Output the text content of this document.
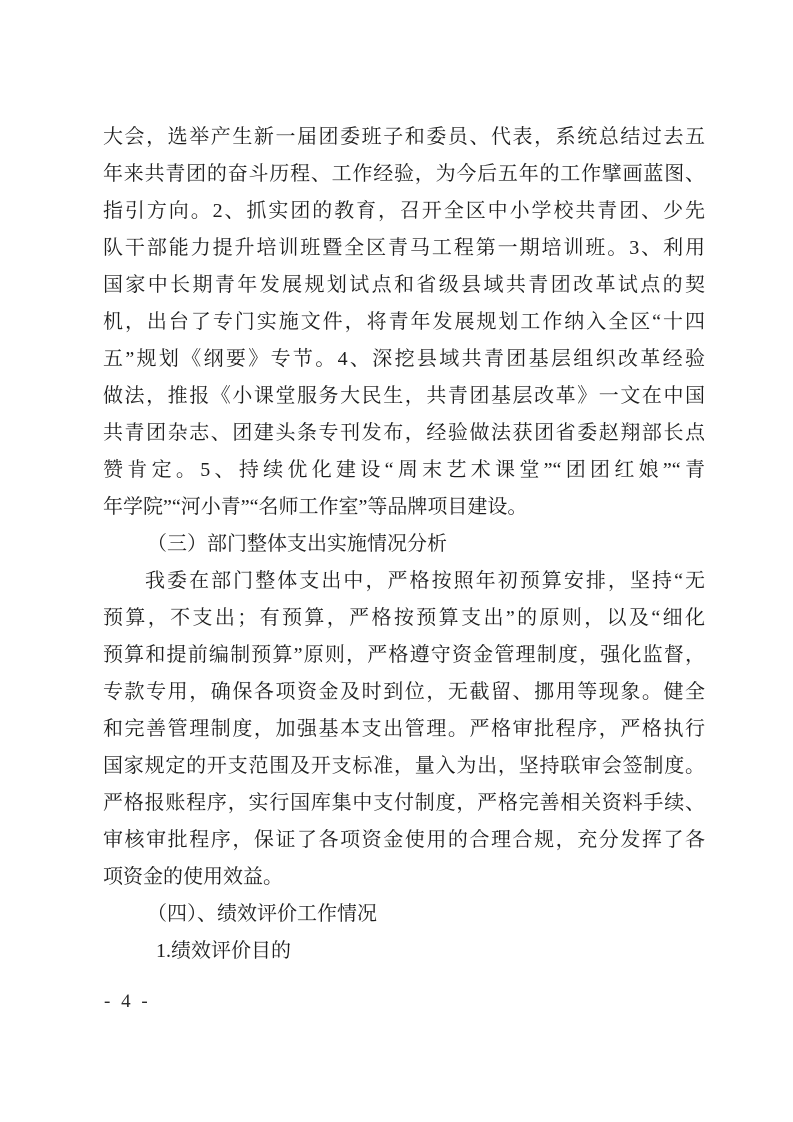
大会，选举产生新一届团委班子和委员、代表，系统总结过去五
年来共青团的奋斗历程、工作经验，为今后五年的工作擘画蓝图、
指引方向。2、抓实团的教育，召开全区中小学校共青团、少先
队干部能力提升培训班暨全区青马工程第一期培训班。3、利用
国家中长期青年发展规划试点和省级县域共青团改革试点的契
机，出台了专门实施文件，将青年发展规划工作纳入全区“十四
五”规划《纲要》专节。4、深挖县域共青团基层组织改革经验
做法，推报《小课堂服务大民生，共青团基层改革》一文在中国
共青团杂志、团建头条专刊发布，经验做法获团省委赵翔部长点
赞肯定。5、持续优化建设“周末艺术课堂”“团团红娘”“青
年学院”“河小青”“名师工作室”等品牌项目建设。
（三）部门整体支出实施情况分析
我委在部门整体支出中，严格按照年初预算安排，坚持“无
预算，不支出；有预算，严格按预算支出”的原则，以及“细化
预算和提前编制预算”原则，严格遵守资金管理制度，强化监督，
专款专用，确保各项资金及时到位，无截留、挪用等现象。健全
和完善管理制度，加强基本支出管理。严格审批程序，严格执行
国家规定的开支范围及开支标准，量入为出，坚持联审会签制度。
严格报账程序，实行国库集中支付制度，严格完善相关资料手续、
审核审批程序，保证了各项资金使用的合理合规，充分发挥了各
项资金的使用效益。
（四）、绩效评价工作情况
1.绩效评价目的
- 4 -
